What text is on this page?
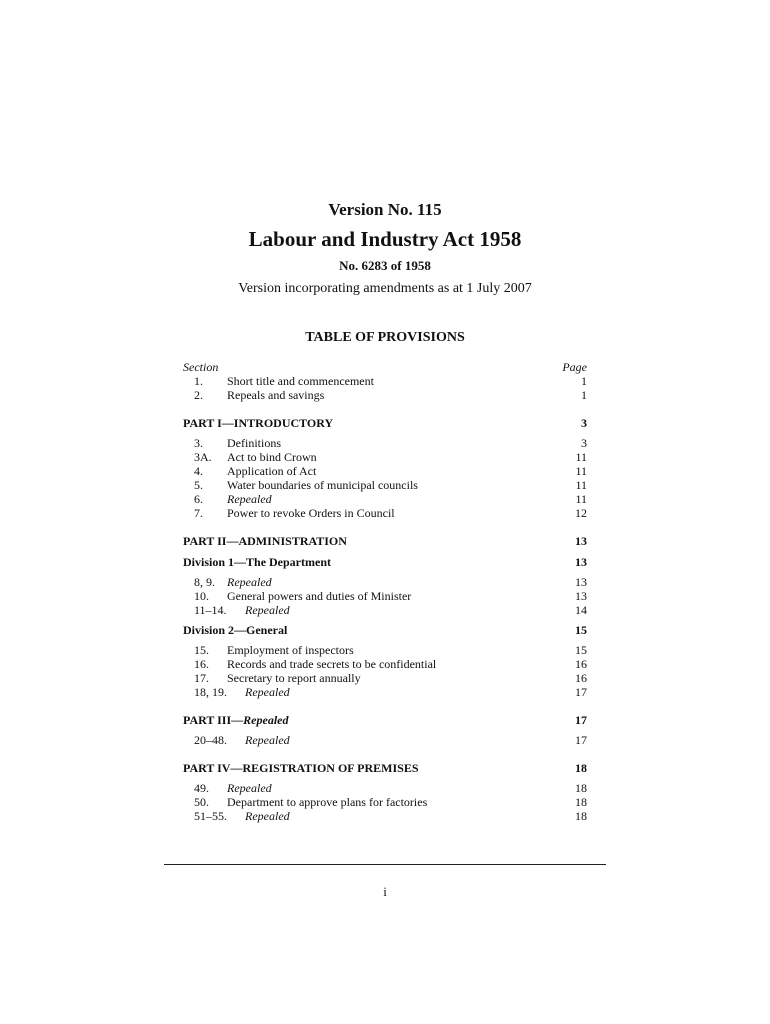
Version No. 115
Labour and Industry Act 1958
No. 6283 of 1958
Version incorporating amendments as at 1 July 2007
TABLE OF PROVISIONS
Section	Page
1. Short title and commencement	1
2. Repeals and savings	1
PART I—INTRODUCTORY	3
3. Definitions	3
3A. Act to bind Crown	11
4. Application of Act	11
5. Water boundaries of municipal councils	11
6. Repealed	11
7. Power to revoke Orders in Council	12
PART II—ADMINISTRATION	13
Division 1—The Department	13
8, 9. Repealed	13
10. General powers and duties of Minister	13
11–14. Repealed	14
Division 2—General	15
15. Employment of inspectors	15
16. Records and trade secrets to be confidential	16
17. Secretary to report annually	16
18, 19. Repealed	17
PART III—Repealed	17
20–48. Repealed	17
PART IV—REGISTRATION OF PREMISES	18
49. Repealed	18
50. Department to approve plans for factories	18
51–55. Repealed	18
i
